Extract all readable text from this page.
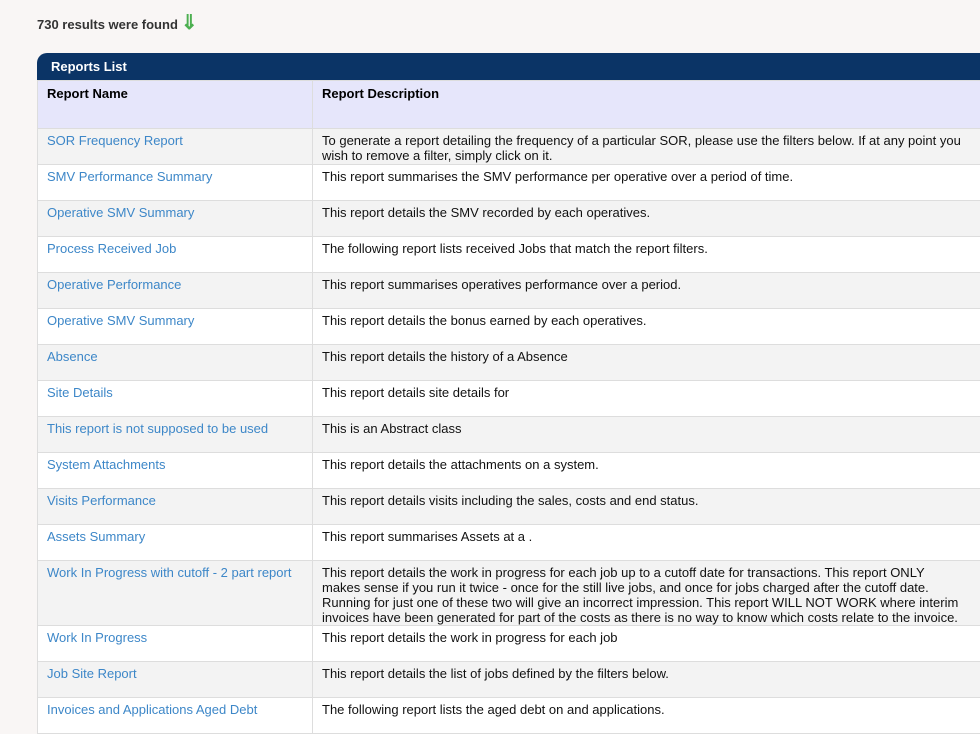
730 results were found ⇓
Reports List
Report Name	Report Description
SOR Frequency Report	To generate a report detailing the frequency of a particular SOR, please use the filters below. If at any point you wish to remove a filter, simply click on it.
SMV Performance Summary	This report summarises the SMV performance per operative over a period of time.
Operative SMV Summary	This report details the SMV recorded by each operatives.
Process Received Job	The following report lists received Jobs that match the report filters.
Operative Performance	This report summarises operatives performance over a period.
Operative SMV Summary	This report details the bonus earned by each operatives.
Absence	This report details the history of a Absence
Site Details	This report details site details for
This report is not supposed to be used	This is an Abstract class
System Attachments	This report details the attachments on a system.
Visits Performance	This report details visits including the sales, costs and end status.
Assets Summary	This report summarises Assets at a .
Work In Progress with cutoff - 2 part report	This report details the work in progress for each job up to a cutoff date for transactions. This report ONLY makes sense if you run it twice - once for the still live jobs, and once for jobs charged after the cutoff date. Running for just one of these two will give an incorrect impression. This report WILL NOT WORK where interim invoices have been generated for part of the costs as there is no way to know which costs relate to the invoice.
Work In Progress	This report details the work in progress for each job
Job Site Report	This report details the list of jobs defined by the filters below.
Invoices and Applications Aged Debt	The following report lists the aged debt on and applications.
